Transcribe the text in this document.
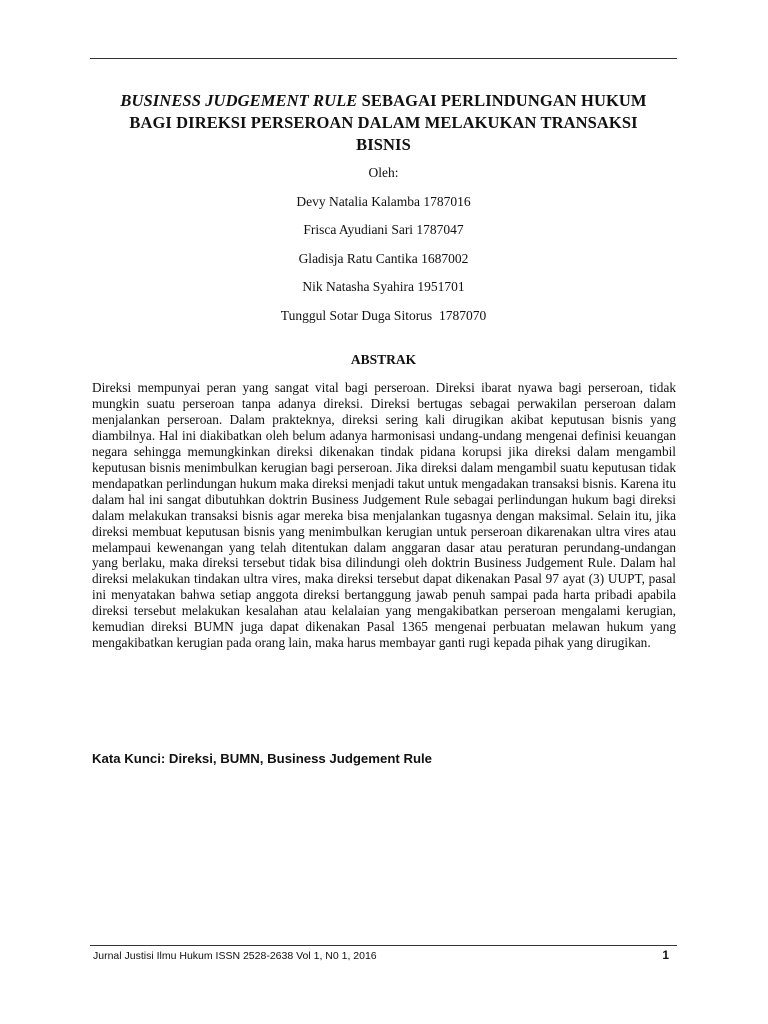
BUSINESS JUDGEMENT RULE SEBAGAI PERLINDUNGAN HUKUM
BAGI DIREKSI PERSEROAN DALAM MELAKUKAN TRANSAKSI
BISNIS
Oleh:
Devy Natalia Kalamba 1787016
Frisca Ayudiani Sari 1787047
Gladisja Ratu Cantika 1687002
Nik Natasha Syahira 1951701
Tunggul Sotar Duga Sitorus  1787070
ABSTRAK

Direksi mempunyai peran yang sangat vital bagi perseroan. Direksi ibarat nyawa bagi perseroan, tidak mungkin suatu perseroan tanpa adanya direksi. Direksi bertugas sebagai perwakilan perseroan dalam menjalankan perseroan. Dalam prakteknya, direksi sering kali dirugikan akibat keputusan bisnis yang diambilnya. Hal ini diakibatkan oleh belum adanya harmonisasi undang-undang mengenai definisi keuangan negara sehingga memungkinkan direksi dikenakan tindak pidana korupsi jika direksi dalam mengambil keputusan bisnis menimbulkan kerugian bagi perseroan. Jika direksi dalam mengambil suatu keputusan tidak mendapatkan perlindungan hukum maka direksi menjadi takut untuk mengadakan transaksi bisnis. Karena itu dalam hal ini sangat dibutuhkan doktrin Business Judgement Rule sebagai perlindungan hukum bagi direksi dalam melakukan transaksi bisnis agar mereka bisa menjalankan tugasnya dengan maksimal. Selain itu, jika direksi membuat keputusan bisnis yang menimbulkan kerugian untuk perseroan dikarenakan ultra vires atau melampaui kewenangan yang telah ditentukan dalam anggaran dasar atau peraturan perundang-undangan yang berlaku, maka direksi tersebut tidak bisa dilindungi oleh doktrin Business Judgement Rule. Dalam hal direksi melakukan tindakan ultra vires, maka direksi tersebut dapat dikenakan Pasal 97 ayat (3) UUPT, pasal ini menyatakan bahwa setiap anggota direksi bertanggung jawab penuh sampai pada harta pribadi apabila direksi tersebut melakukan kesalahan atau kelalaian yang mengakibatkan perseroan mengalami kerugian, kemudian direksi BUMN juga dapat dikenakan Pasal 1365 mengenai perbuatan melawan hukum yang mengakibatkan kerugian pada orang lain, maka harus membayar ganti rugi kepada pihak yang dirugikan.

Kata Kunci: Direksi, BUMN, Business Judgement Rule
Jurnal Justisi Ilmu Hukum ISSN 2528-2638 Vol 1, N0 1, 2016	1
